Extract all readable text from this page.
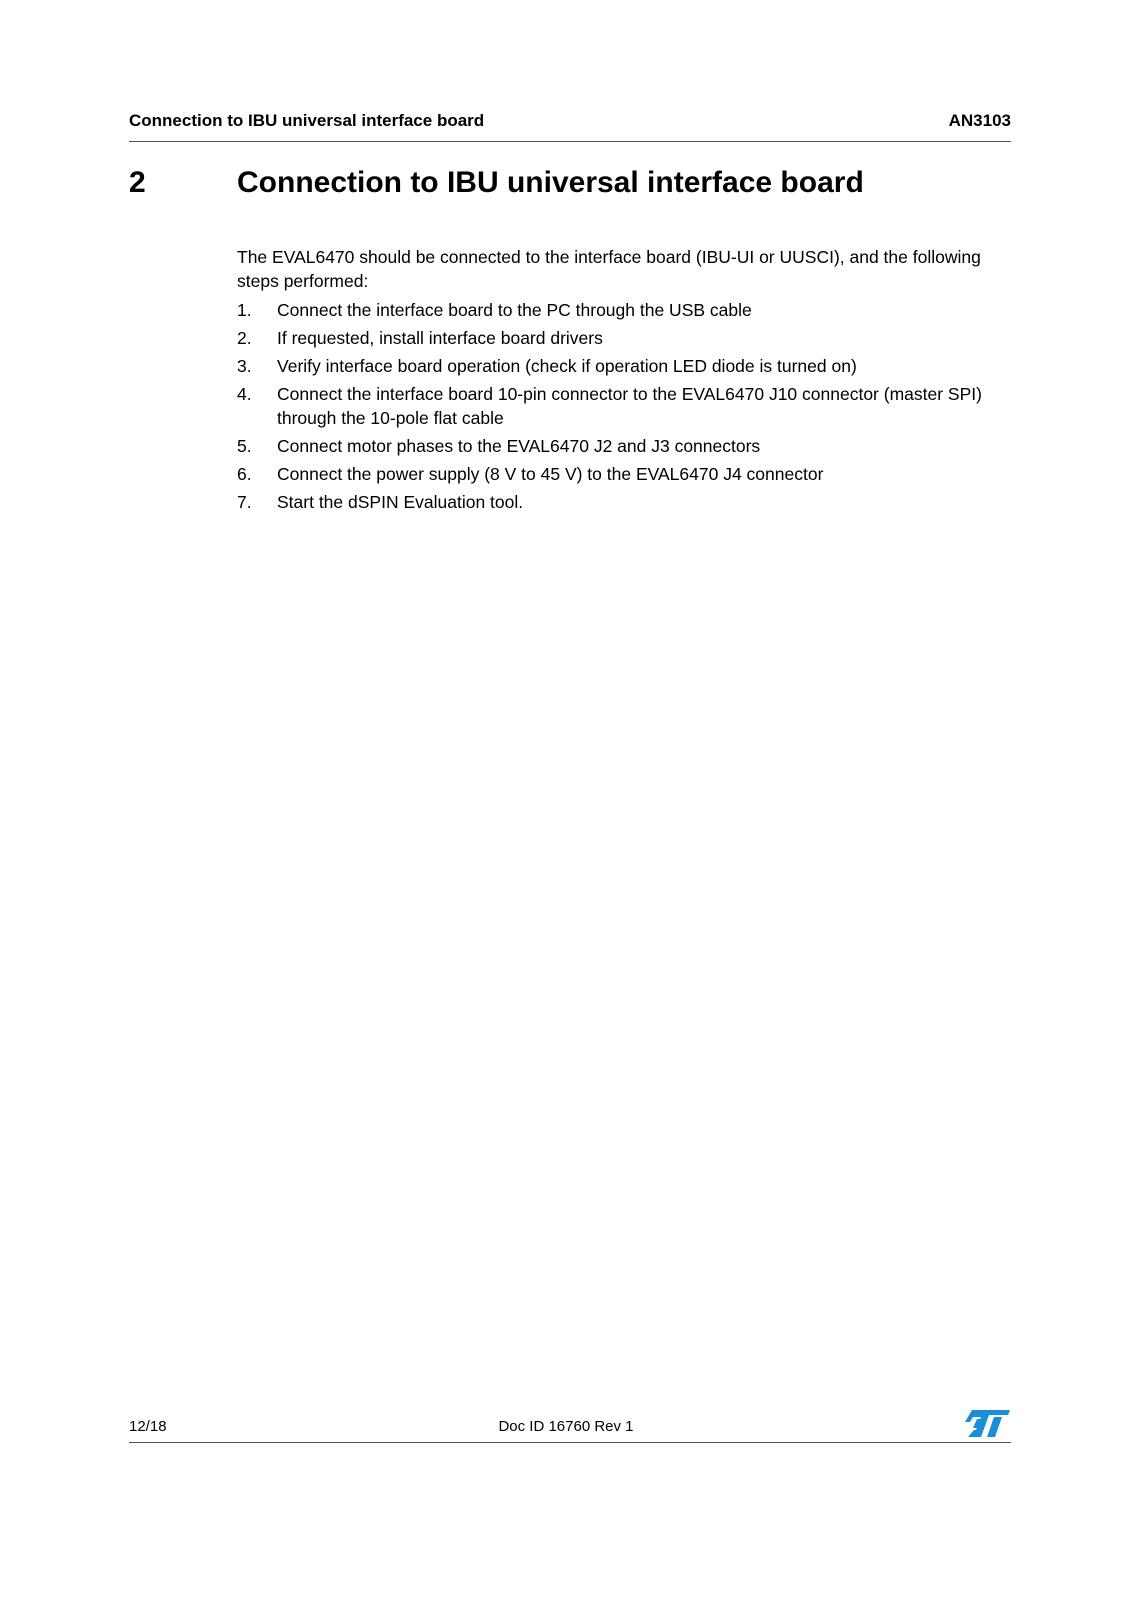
Connection to IBU universal interface board	AN3103
2	Connection to IBU universal interface board
The EVAL6470 should be connected to the interface board (IBU-UI or UUSCI), and the following steps performed:
1. Connect the interface board to the PC through the USB cable
2. If requested, install interface board drivers
3. Verify interface board operation (check if operation LED diode is turned on)
4. Connect the interface board 10-pin connector to the EVAL6470 J10 connector (master SPI) through the 10-pole flat cable
5. Connect motor phases to the EVAL6470 J2 and J3 connectors
6. Connect the power supply (8 V to 45 V) to the EVAL6470 J4 connector
7. Start the dSPIN Evaluation tool.
12/18	Doc ID 16760 Rev 1
